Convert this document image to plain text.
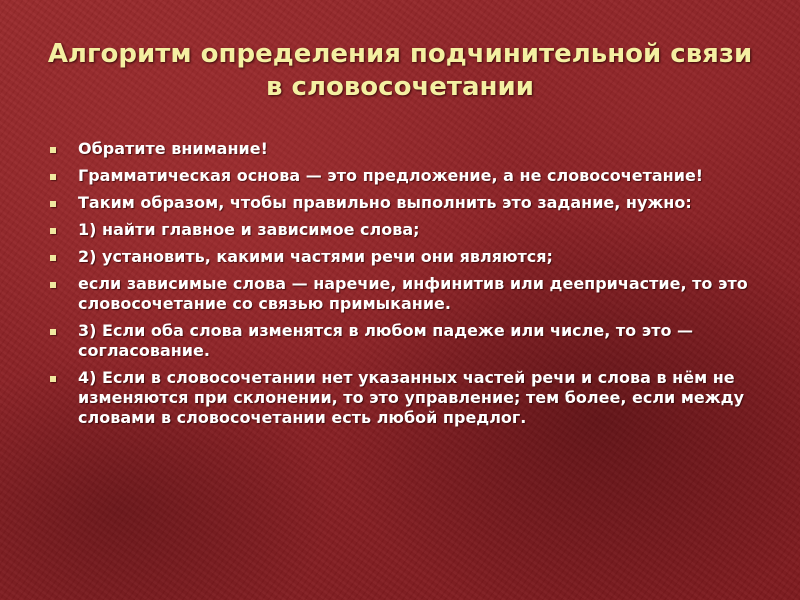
Алгоритм определения подчинительной связи в словосочетании
Обратите внимание!
Грамматическая основа — это предложение, а не словосочетание!
Таким образом, чтобы правильно выполнить это задание, нужно:
1) найти главное и зависимое слова;
2) установить, какими частями речи они являются;
если зависимые слова — наречие, инфинитив или деепричастие, то это словосочетание со связью примыкание.
3) Если оба слова изменятся в любом падеже или числе, то это — согласование.
4) Если в словосочетании нет указанных частей речи и слова в нём не изменяются при склонении, то это управление; тем более, если между словами в словосочетании есть любой предлог.
